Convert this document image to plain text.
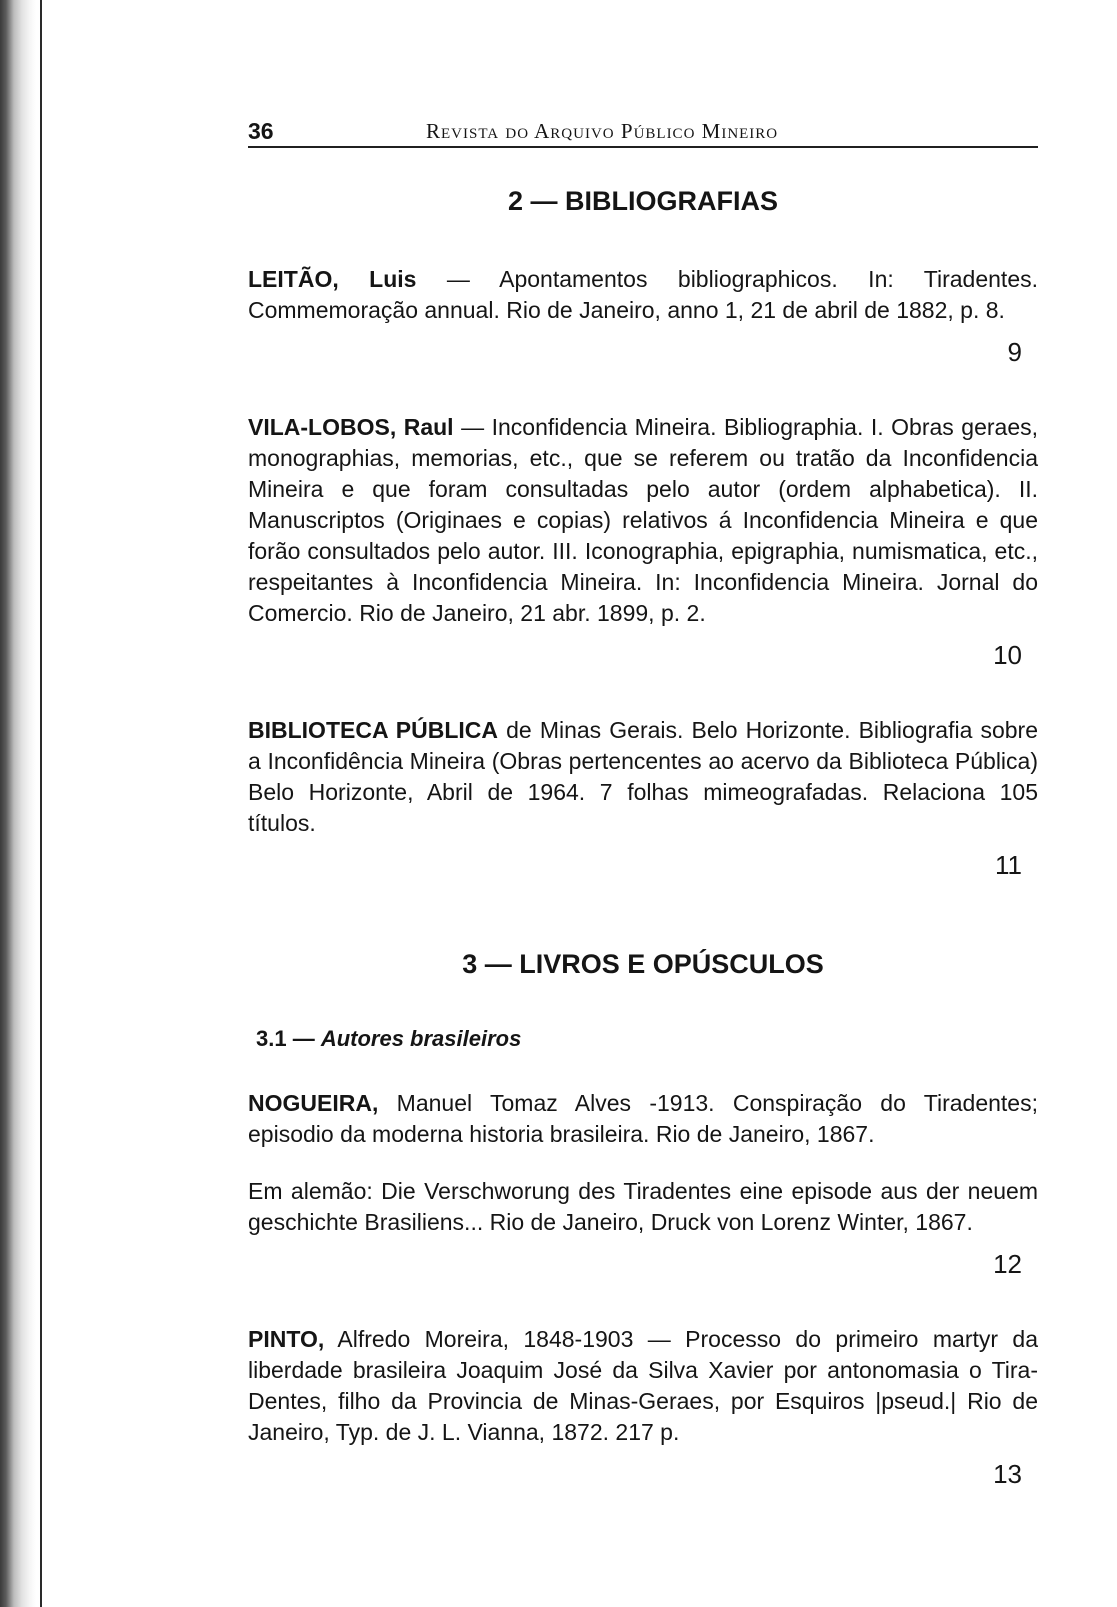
36	Revista do Arquivo Público Mineiro
2 — BIBLIOGRAFIAS

LEITÃO, Luis — Apontamentos bibliographicos. In: Tiradentes. Commemoração annual. Rio de Janeiro, anno 1, 21 de abril de 1882, p. 8.

9

VILA-LOBOS, Raul — Inconfidencia Mineira. Bibliographia. I. Obras geraes, monographias, memorias, etc., que se referem ou tratão da Inconfidencia Mineira e que foram consultadas pelo autor (ordem alphabetica). II. Manuscriptos (Originaes e copias) relativos á Inconfidencia Mineira e que forão consultados pelo autor. III. Iconographia, epigraphia, numismatica, etc., respeitantes à Inconfidencia Mineira. In: Inconfidencia Mineira. Jornal do Comercio. Rio de Janeiro, 21 abr. 1899, p. 2.

10

BIBLIOTECA PÚBLICA de Minas Gerais. Belo Horizonte. Bibliografia sobre a Inconfidência Mineira (Obras pertencentes ao acervo da Biblioteca Pública) Belo Horizonte, Abril de 1964. 7 folhas mimeografadas. Relaciona 105 títulos.

11
3 — LIVROS E OPÚSCULOS
3.1 — Autores brasileiros

NOGUEIRA, Manuel Tomaz Alves -1913. Conspiração do Tiradentes; episodio da moderna historia brasileira. Rio de Janeiro, 1867.

Em alemão: Die Verschworung des Tiradentes eine episode aus der neuem geschichte Brasiliens... Rio de Janeiro, Druck von Lorenz Winter, 1867.

12

PINTO, Alfredo Moreira, 1848-1903 — Processo do primeiro martyr da liberdade brasileira Joaquim José da Silva Xavier por antonomasia o Tira-Dentes, filho da Provincia de Minas-Geraes, por Esquiros |pseud.| Rio de Janeiro, Typ. de J. L. Vianna, 1872. 217 p.

13
